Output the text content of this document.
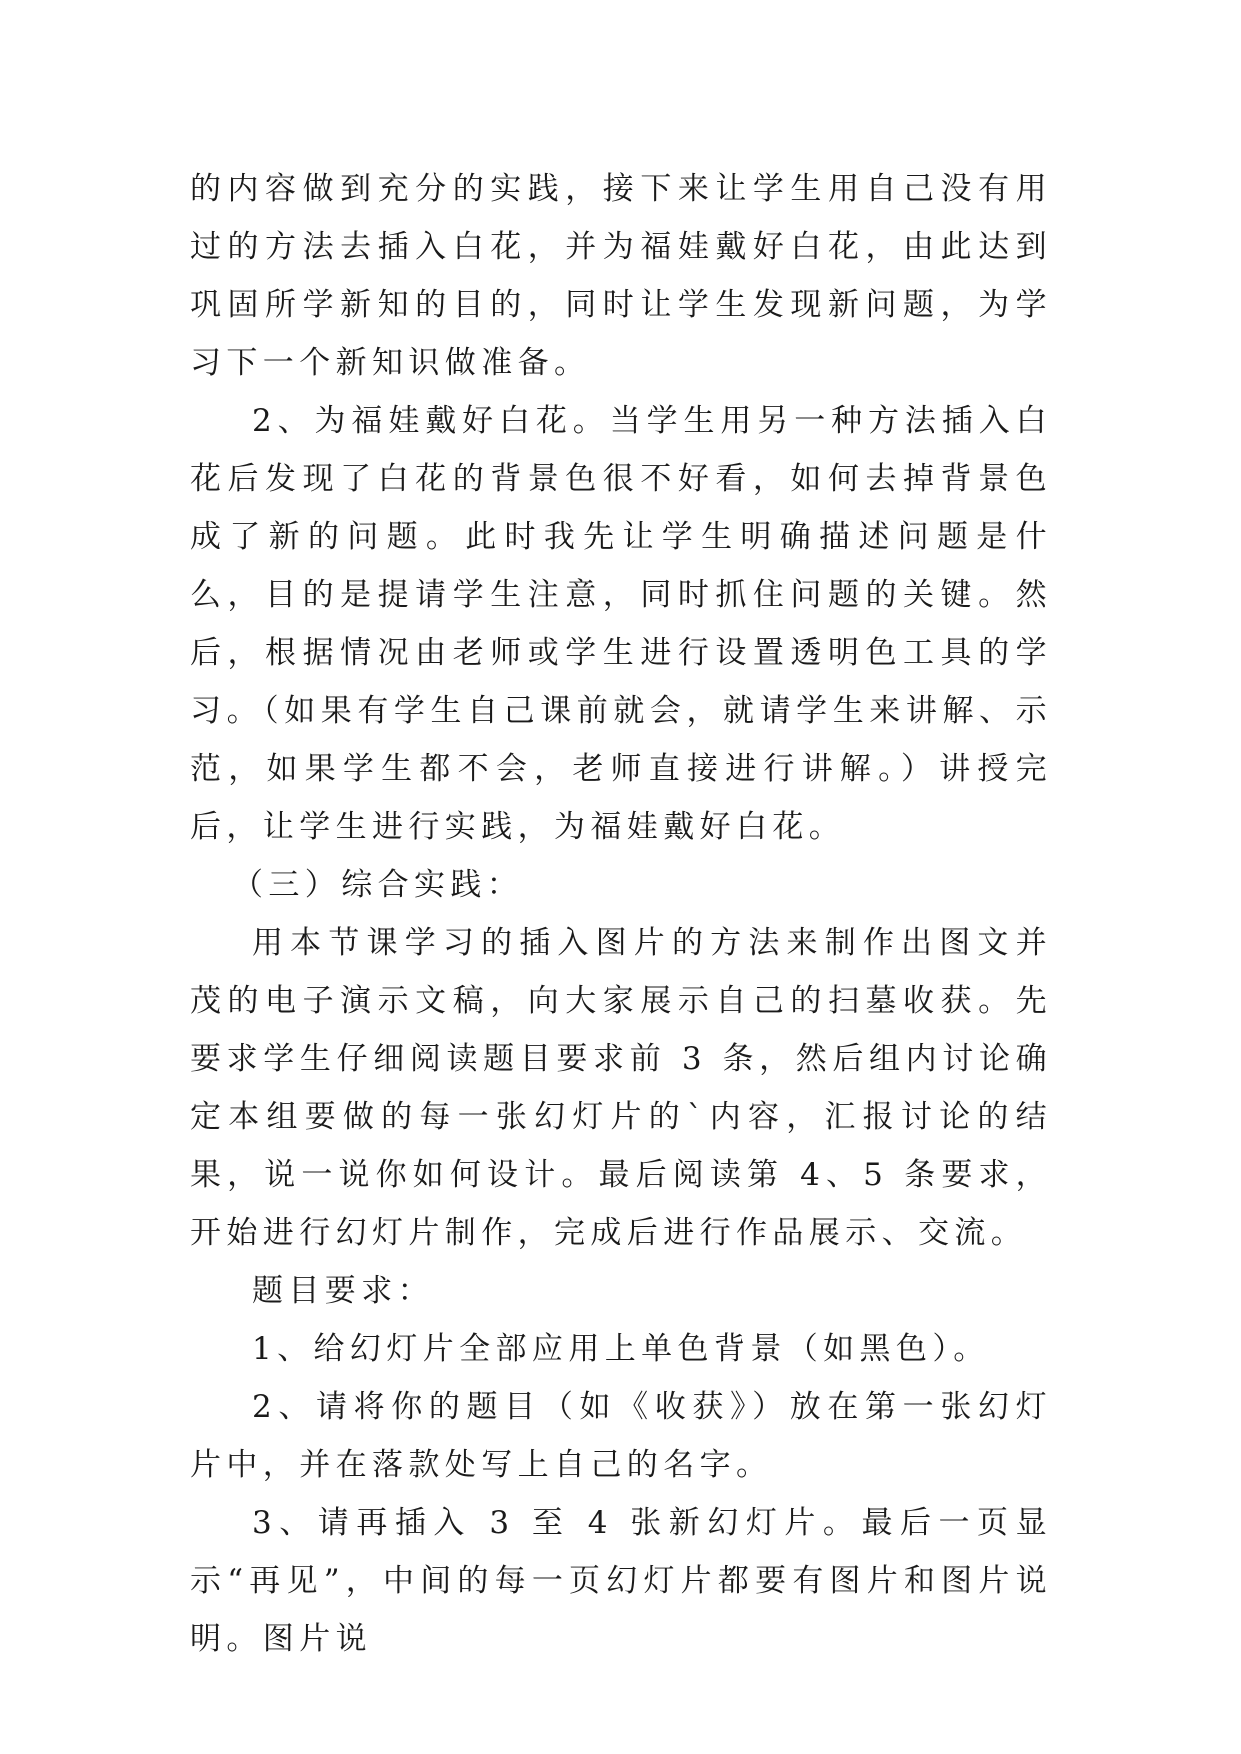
的内容做到充分的实践，接下来让学生用自己没有用过的方法去插入白花，并为福娃戴好白花，由此达到巩固所学新知的目的，同时让学生发现新问题，为学习下一个新知识做准备。

2、为福娃戴好白花。当学生用另一种方法插入白花后发现了白花的背景色很不好看，如何去掉背景色成了新的问题。此时我先让学生明确描述问题是什么，目的是提请学生注意，同时抓住问题的关键。然后，根据情况由老师或学生进行设置透明色工具的学习。（如果有学生自己课前就会，就请学生来讲解、示范，如果学生都不会，老师直接进行讲解。）讲授完后，让学生进行实践，为福娃戴好白花。

（三）综合实践：

用本节课学习的插入图片的方法来制作出图文并茂的电子演示文稿，向大家展示自己的扫墓收获。先要求学生仔细阅读题目要求前 3 条，然后组内讨论确定本组要做的每一张幻灯片的`内容，汇报讨论的结果，说一说你如何设计。最后阅读第 4、5 条要求，开始进行幻灯片制作，完成后进行作品展示、交流。

题目要求：

1、给幻灯片全部应用上单色背景（如黑色）。

2、请将你的题目（如《收获》）放在第一张幻灯片中，并在落款处写上自己的名字。

3、请再插入 3 至 4 张新幻灯片。最后一页显示“再见”，中间的每一页幻灯片都要有图片和图片说明。图片说
